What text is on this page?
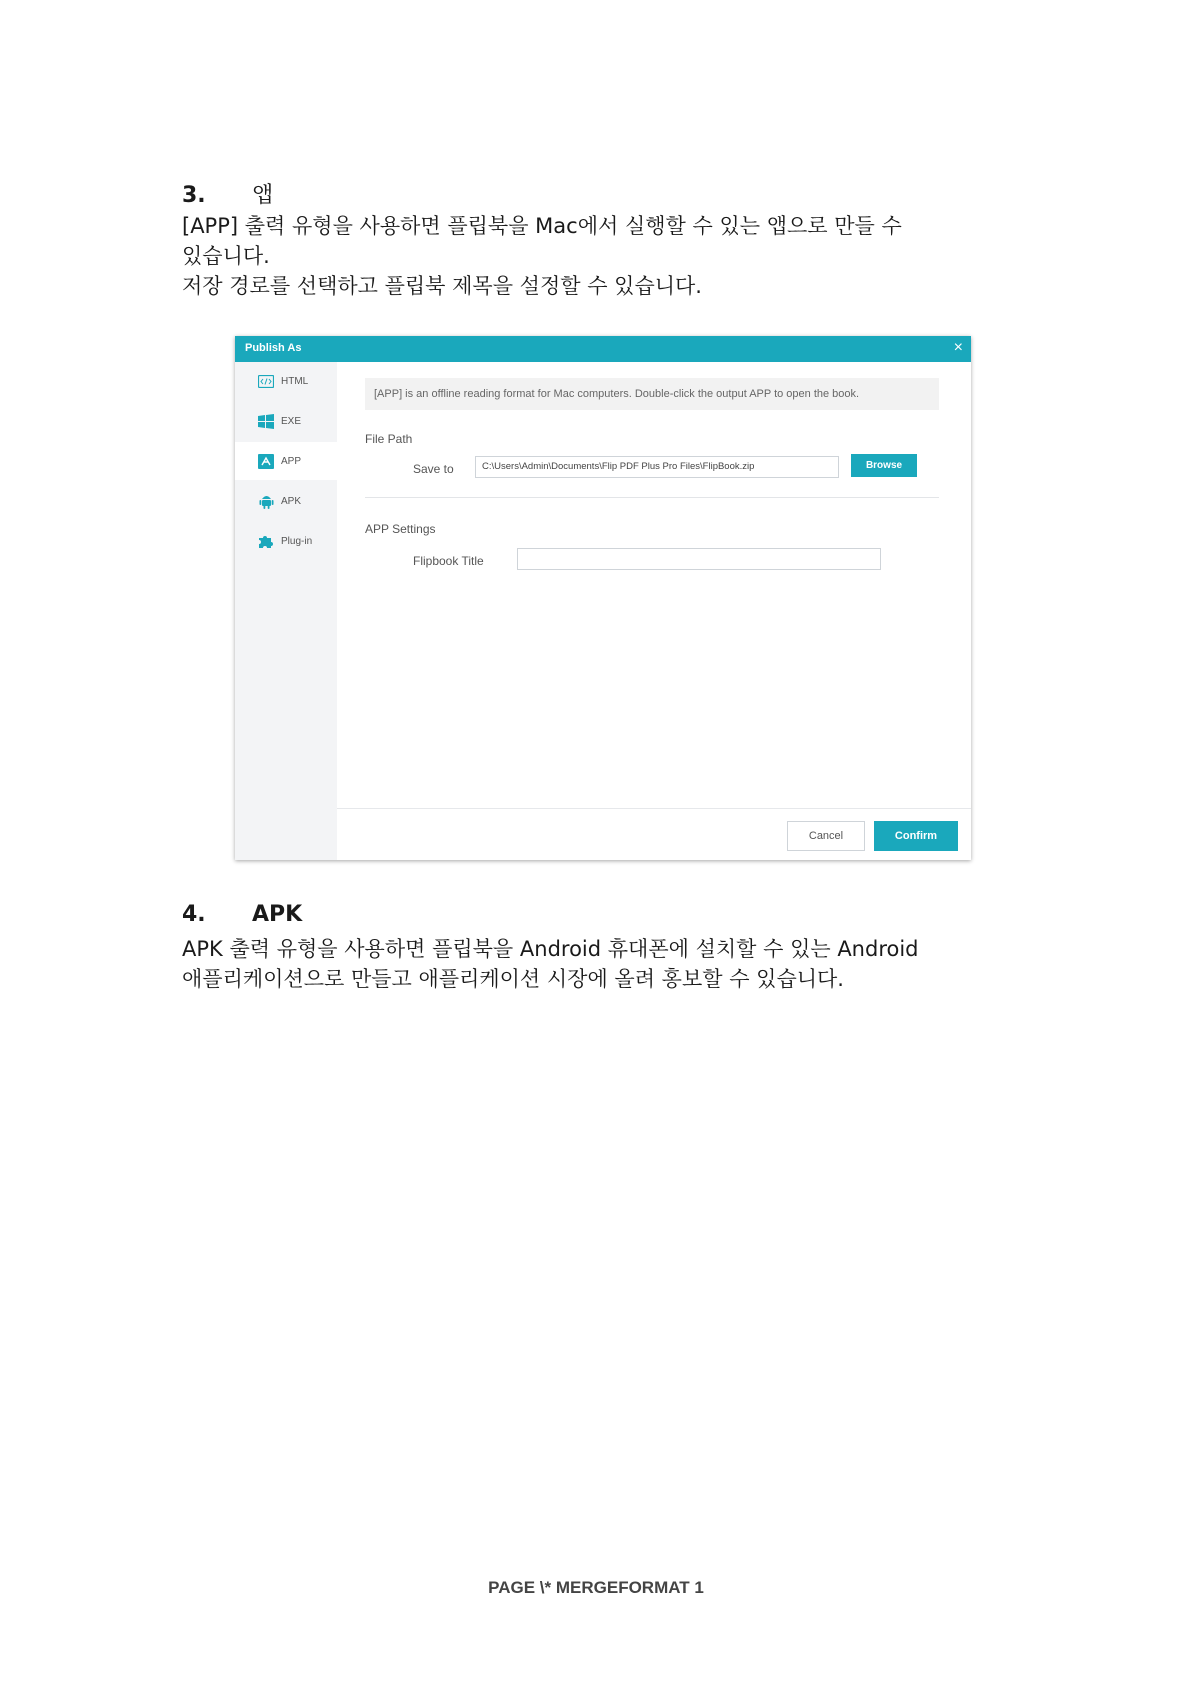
3. 앱
[APP] 출력 유형을 사용하면 플립북을 Mac에서 실행할 수 있는 앱으로 만들 수
있습니다.
저장 경로를 선택하고 플립북 제목을 설정할 수 있습니다.
Publish As	×
HTML
EXE
APP
APK
Plug-in
[APP] is an offline reading format for Mac computers. Double-click the output APP to open the book.
File Path
Save to	C:\Users\Admin\Documents\Flip PDF Plus Pro Files\FlipBook.zip	Browse
APP Settings
Flipbook Title
Cancel	Confirm
4. APK
APK 출력 유형을 사용하면 플립북을 Android 휴대폰에 설치할 수 있는 Android
애플리케이션으로 만들고 애플리케이션 시장에 올려 홍보할 수 있습니다.
PAGE \* MERGEFORMAT 1
